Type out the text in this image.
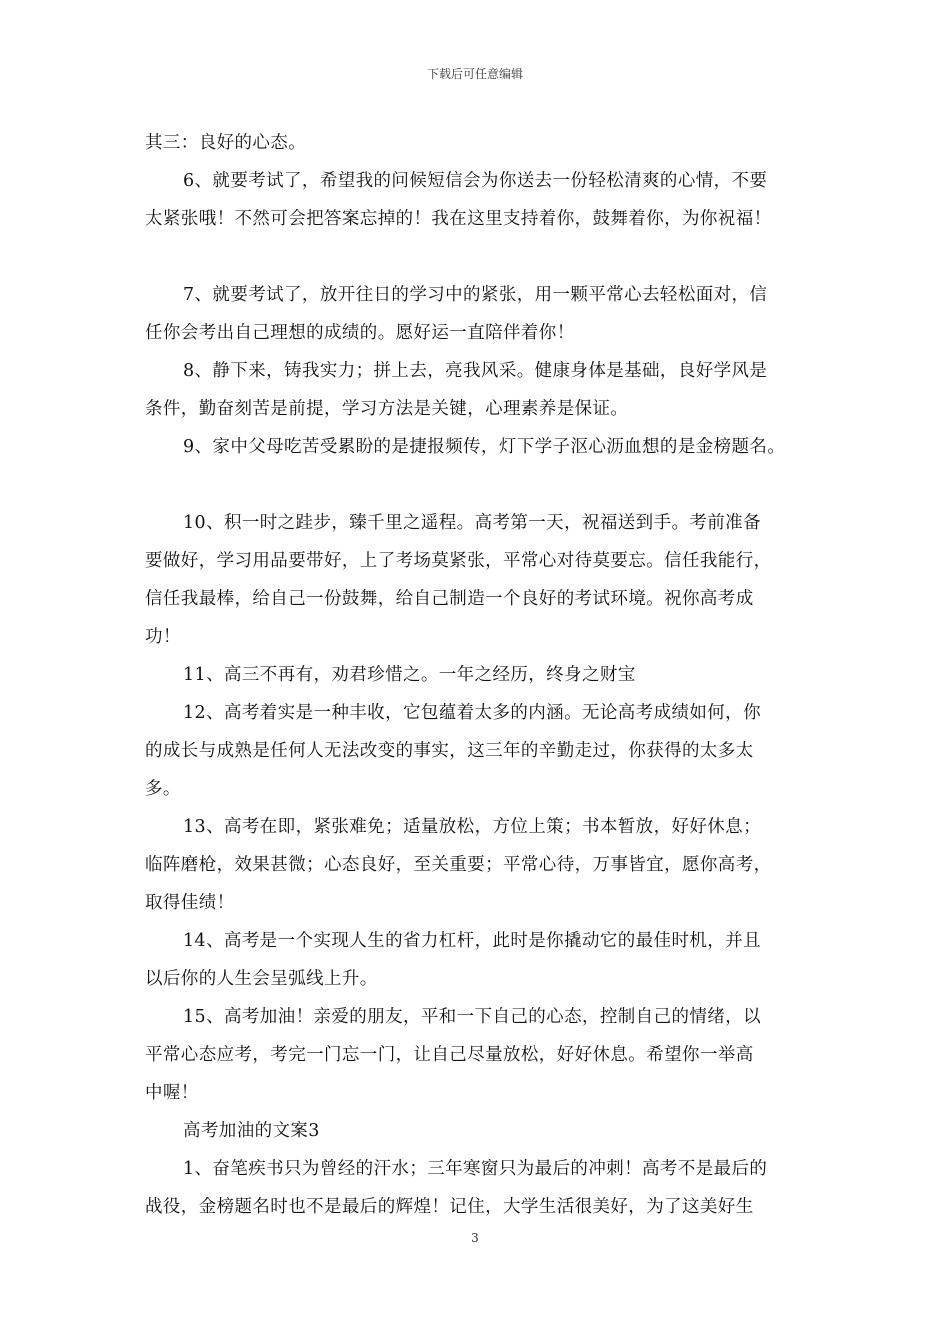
下载后可任意编辑
其三：良好的心态。
6、就要考试了，希望我的问候短信会为你送去一份轻松清爽的心情，不要
太紧张哦！不然可会把答案忘掉的！我在这里支持着你，鼓舞着你，为你祝福！
7、就要考试了，放开往日的学习中的紧张，用一颗平常心去轻松面对，信
任你会考出自己理想的成绩的。愿好运一直陪伴着你！
8、静下来，铸我实力；拼上去，亮我风采。健康身体是基础，良好学风是
条件，勤奋刻苦是前提，学习方法是关键，心理素养是保证。
9、家中父母吃苦受累盼的是捷报频传，灯下学子沤心沥血想的是金榜题名。
10、积一时之跬步，臻千里之遥程。高考第一天，祝福送到手。考前准备
要做好，学习用品要带好，上了考场莫紧张，平常心对待莫要忘。信任我能行，
信任我最棒，给自己一份鼓舞，给自己制造一个良好的考试环境。祝你高考成
功！
11、高三不再有，劝君珍惜之。一年之经历，终身之财宝
12、高考着实是一种丰收，它包蕴着太多的内涵。无论高考成绩如何，你
的成长与成熟是任何人无法改变的事实，这三年的辛勤走过，你获得的太多太
多。
13、高考在即，紧张难免；适量放松，方位上策；书本暂放，好好休息；
临阵磨枪，效果甚微；心态良好，至关重要；平常心待，万事皆宜，愿你高考，
取得佳绩！
14、高考是一个实现人生的省力杠杆，此时是你撬动它的最佳时机，并且
以后你的人生会呈弧线上升。
15、高考加油！亲爱的朋友，平和一下自己的心态，控制自己的情绪，以
平常心态应考，考完一门忘一门，让自己尽量放松，好好休息。希望你一举高
中喔！
高考加油的文案3
1、奋笔疾书只为曾经的汗水；三年寒窗只为最后的冲刺！高考不是最后的
战役，金榜题名时也不是最后的辉煌！记住，大学生活很美好，为了这美好生
3
